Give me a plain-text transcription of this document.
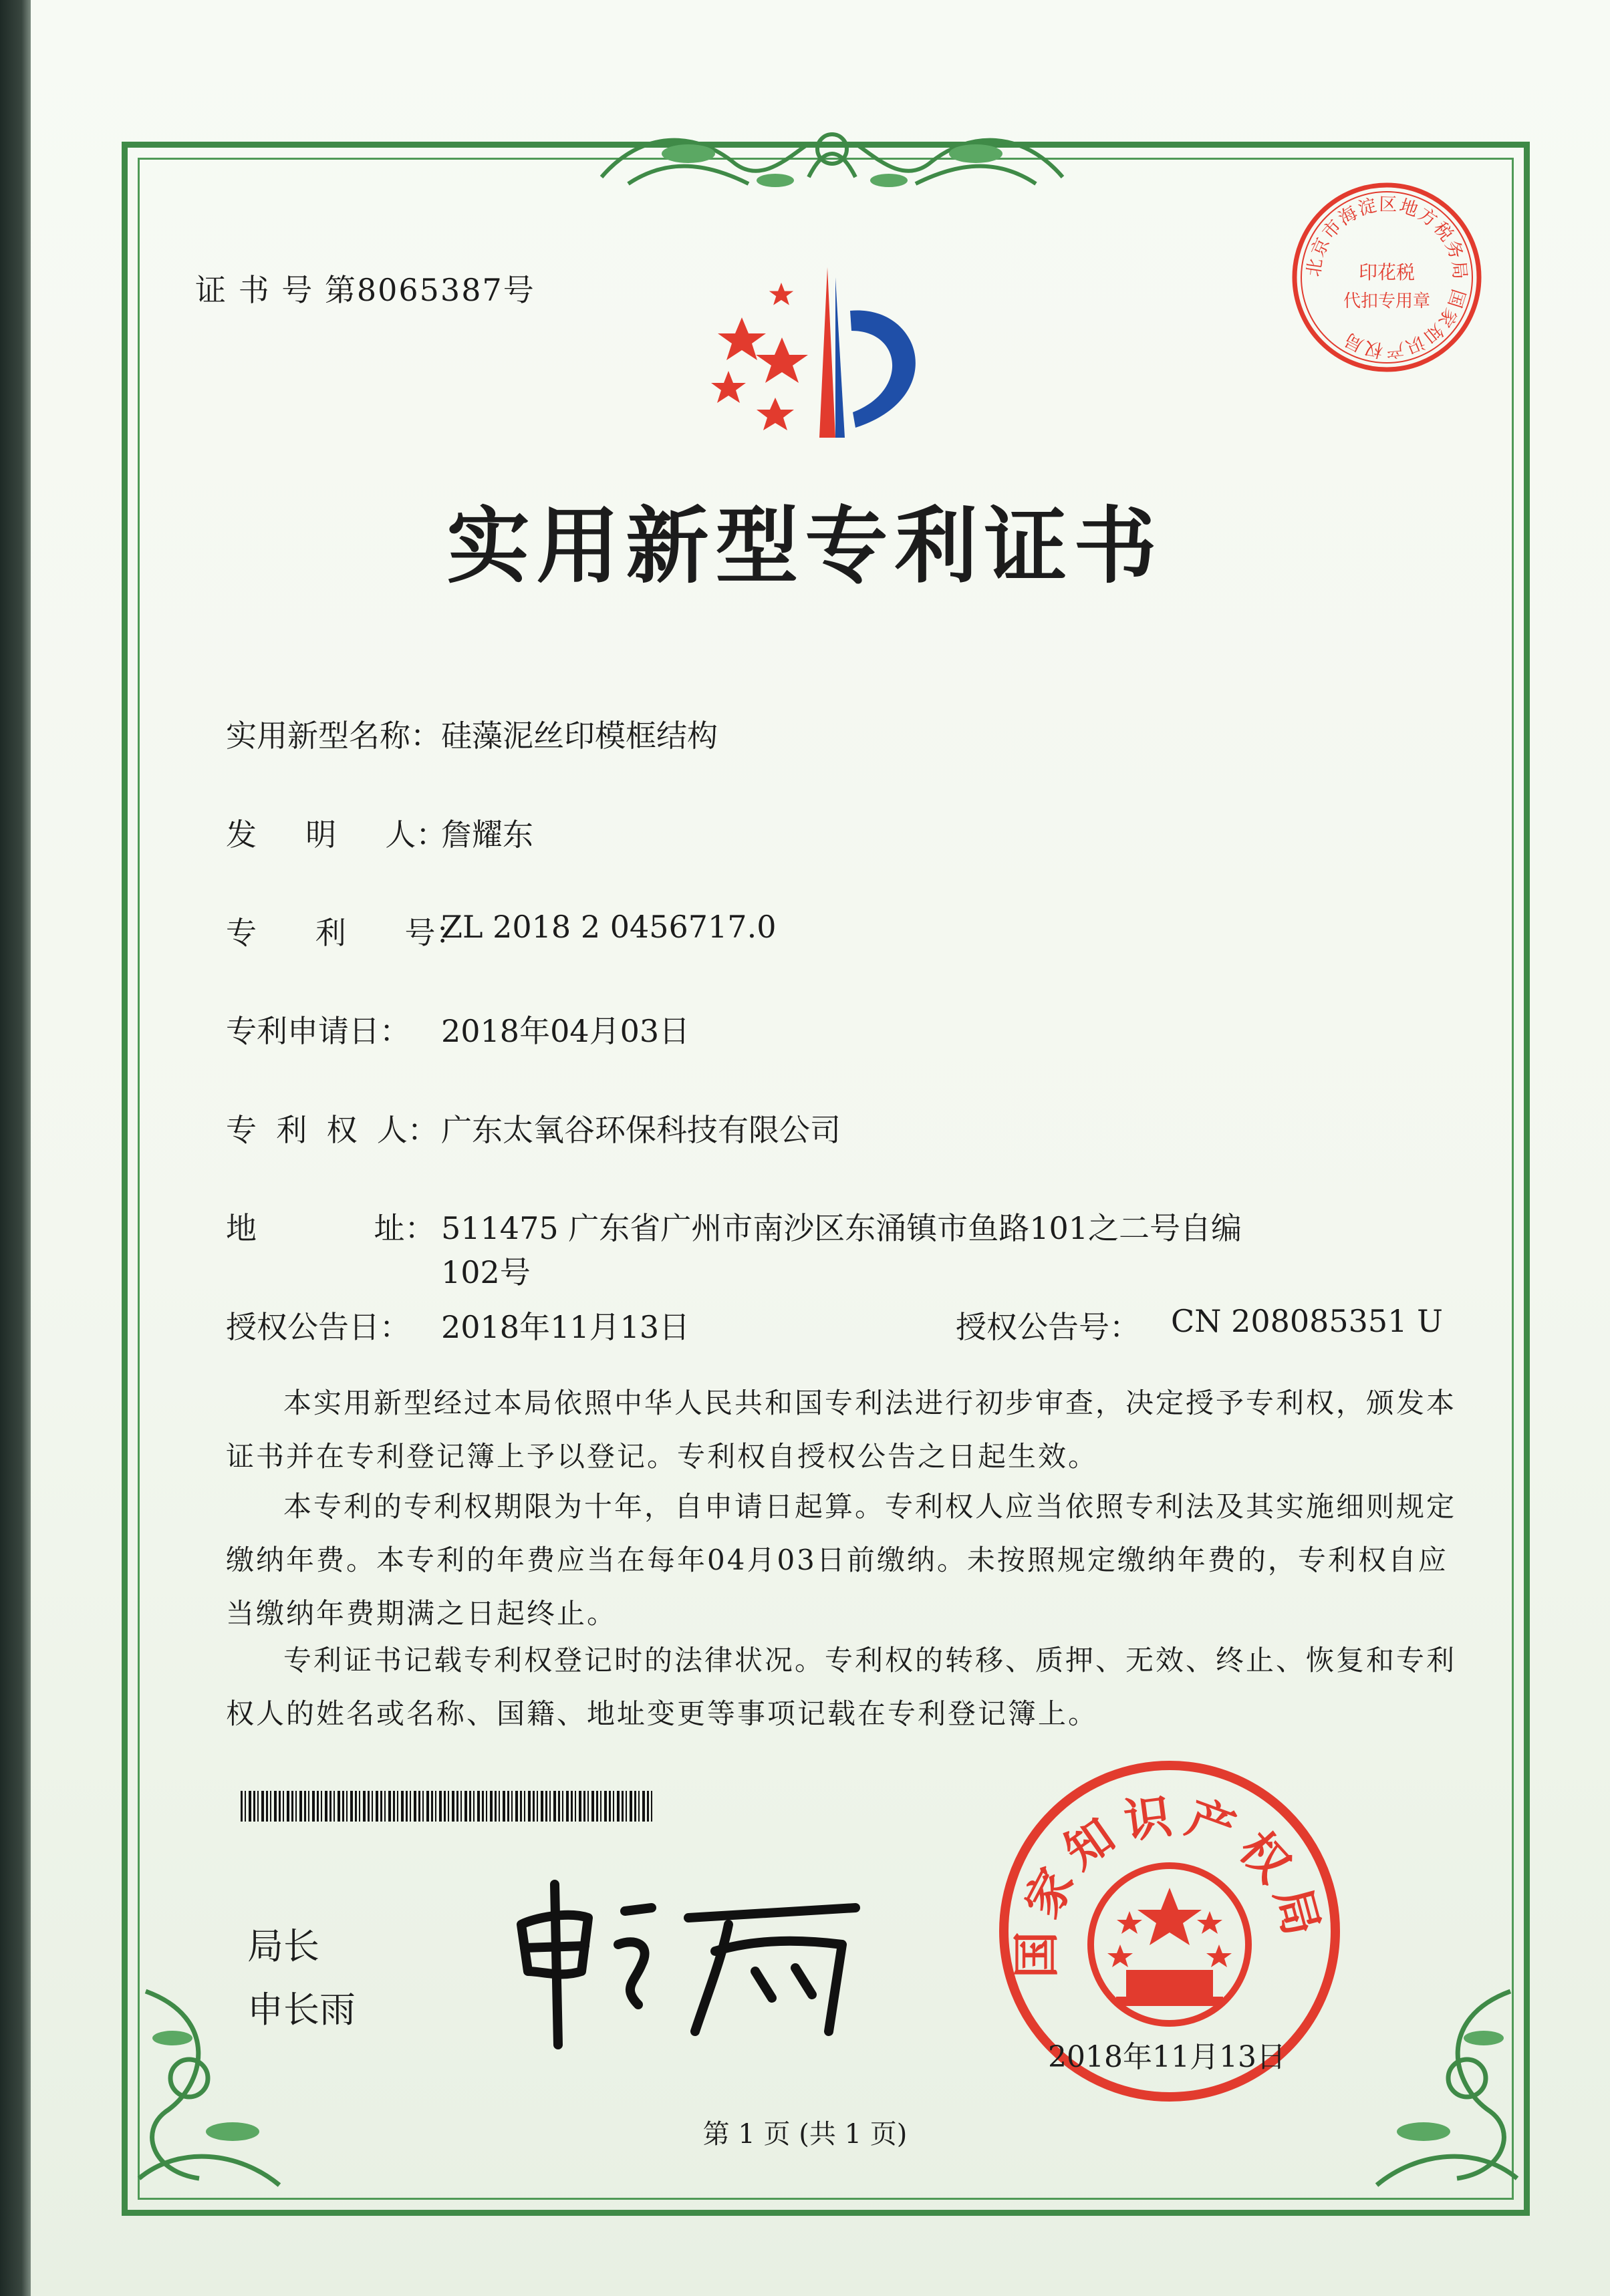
证 书 号 第8065387号
北京市海淀区地方税务局 国家知识产权局
印花税
代扣专用章
实用新型专利证书
实用新型名称： 硅藻泥丝印模框结构
发     明     人：
詹耀东
专      利      号：
ZL 2018 2 0456717.0
专利申请日： 2018年04月03日
专  利  权  人： 广东太氧谷环保科技有限公司
地            址： 511475 广东省广州市南沙区东涌镇市鱼路101之二号自编
102号
授权公告日： 2018年11月13日	授权公告号： CN 208085351 U
本实用新型经过本局依照中华人民共和国专利法进行初步审查，决定授予专利权，颁发本证书并在专利登记簿上予以登记。专利权自授权公告之日起生效。
本专利的专利权期限为十年，自申请日起算。专利权人应当依照专利法及其实施细则规定缴纳年费。本专利的年费应当在每年04月03日前缴纳。未按照规定缴纳年费的，专利权自应当缴纳年费期满之日起终止。
专利证书记载专利权登记时的法律状况。专利权的转移、质押、无效、终止、恢复和专利权人的姓名或名称、国籍、地址变更等事项记载在专利登记簿上。
局长
申长雨
国家知识产权局
2018年11月13日
第 1 页 (共 1 页)
